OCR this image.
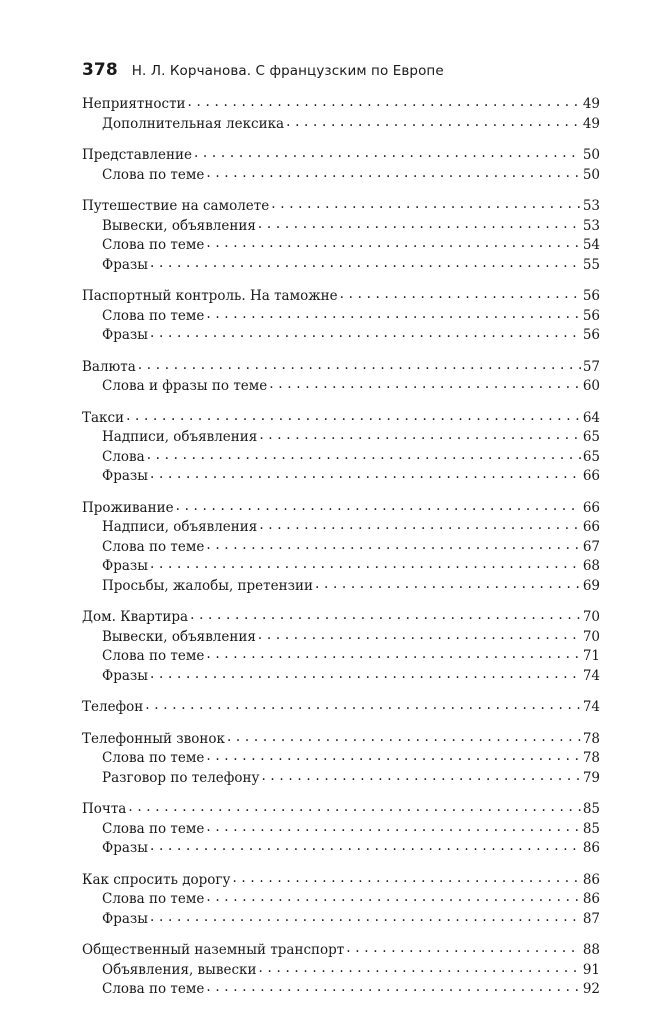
378 Н. Л. Корчанова. С французским по Европе
Неприятности . . .	49
Дополнительная лексика . . .	49
Представление . . .	50
Слова по теме . . .	50
Путешествие на самолете . . .	53
Вывески, объявления . . .	53
Слова по теме . . .	54
Фразы . . .	55
Паспортный контроль. На таможне . . .	56
Слова по теме . . .	56
Фразы . . .	56
Валюта . . .	57
Слова и фразы по теме . . .	60
Такси . . .	64
Надписи, объявления . . .	65
Слова . . .	65
Фразы . . .	66
Проживание . . .	66
Надписи, объявления . . .	66
Слова по теме . . .	67
Фразы . . .	68
Просьбы, жалобы, претензии . . .	69
Дом. Квартира . . .	70
Вывески, объявления . . .	70
Слова по теме . . .	71
Фразы . . .	74
Телефон . . .	74
Телефонный звонок . . .	78
Слова по теме . . .	78
Разговор по телефону . . .	79
Почта . . .	85
Слова по теме . . .	85
Фразы . . .	86
Как спросить дорогу . . .	86
Слова по теме . . .	86
Фразы . . .	87
Общественный наземный транспорт . . .	88
Объявления, вывески . . .	91
Слова по теме . . .	92
